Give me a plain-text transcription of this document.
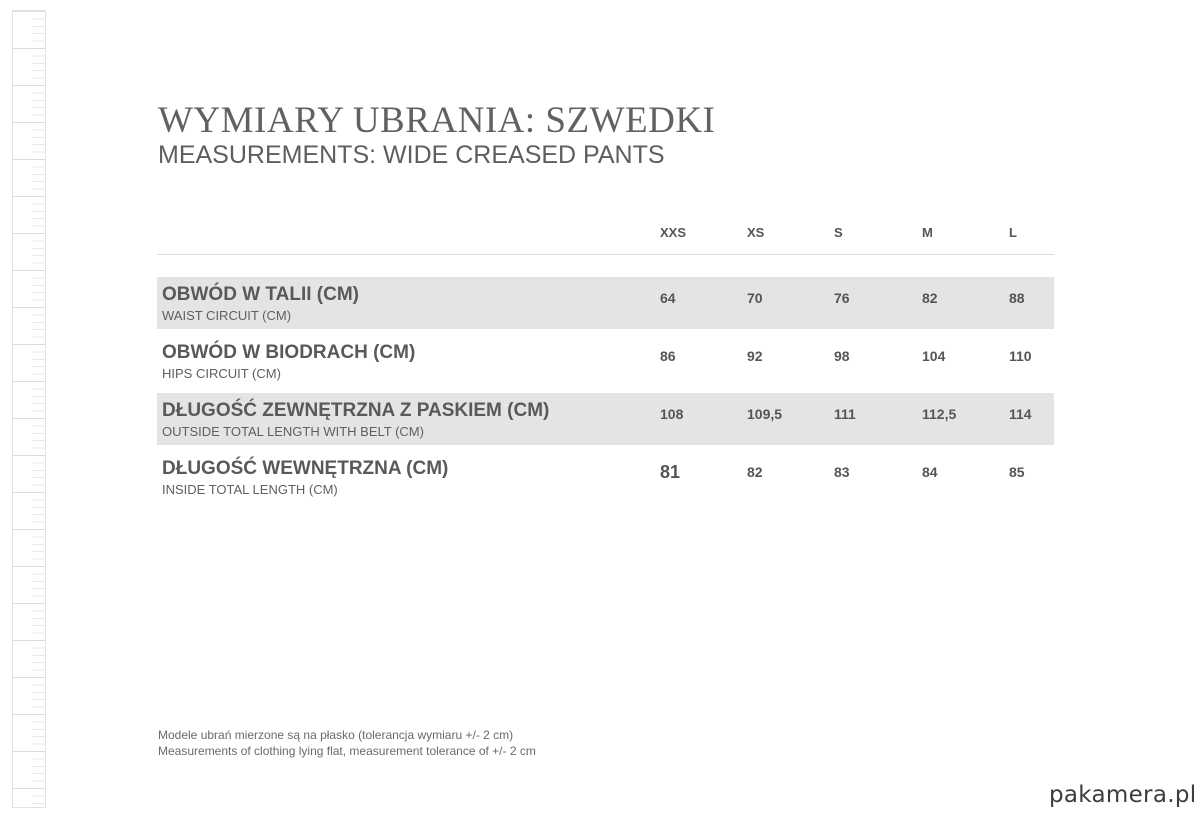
WYMIARY UBRANIA: SZWEDKI
MEASUREMENTS: WIDE CREASED PANTS
XXS	XS	S	M	L
OBWÓD W TALII (CM)
WAIST CIRCUIT (CM)
64	70	76	82	88
OBWÓD W BIODRACH (CM)
HIPS CIRCUIT (CM)
86	92	98	104	110
DŁUGOŚĆ ZEWNĘTRZNA Z PASKIEM (CM)
OUTSIDE TOTAL LENGTH WITH BELT (CM)
108	109,5	111	112,5	114
DŁUGOŚĆ WEWNĘTRZNA (CM)
INSIDE TOTAL LENGTH (CM)
81	82	83	84	85
Modele ubrań mierzone są na płasko (tolerancja wymiaru +/- 2 cm)
Measurements of clothing lying flat, measurement tolerance of +/- 2 cm
pakamera.pl
